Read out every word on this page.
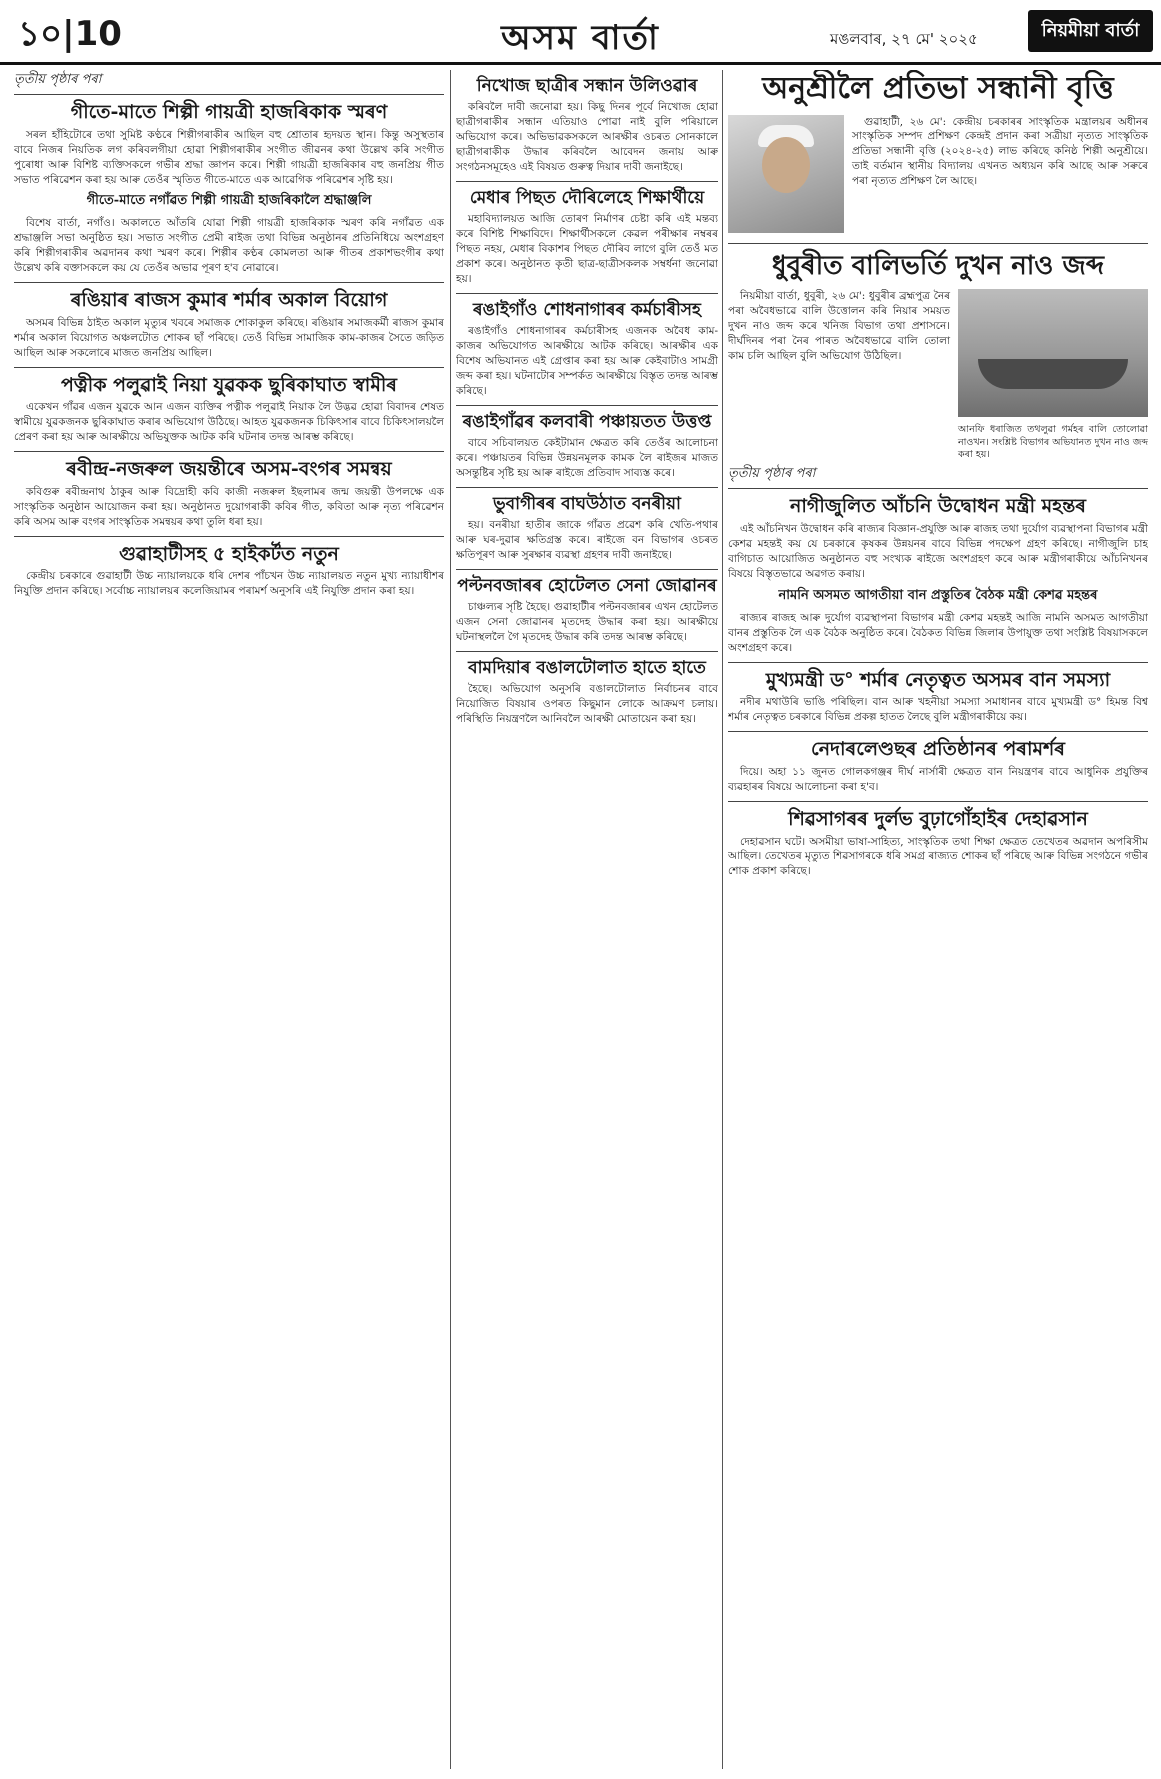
১০|10	অসম বাৰ্তা	মঙলবাৰ, ২৭ মে' ২০২৫	নিয়মীয়া বাৰ্তা
তৃতীয় পৃষ্ঠাৰ পৰা
গীতে-মাতে শিল্পী গায়ত্ৰী হাজৰিকাক স্মৰণ

সৰল হাঁহিটোৰে তথা সুমিষ্ট কণ্ঠৰে শিল্পীগৰাকীৰ আছিল বহু শ্ৰোতাৰ হৃদয়ত স্থান। কিন্তু অসুস্থতাৰ বাবে নিজৰ নিয়তিক লগ কৰিবলগীয়া হোৱা শিল্পীগৰাকীৰ সংগীত জীৱনৰ কথা উল্লেখ কৰি সংগীত পুৰোধা আৰু বিশিষ্ট ব্যক্তিসকলে গভীৰ শ্ৰদ্ধা জ্ঞাপন কৰে। শিল্পী গায়ত্ৰী হাজৰিকাৰ বহু জনপ্ৰিয় গীত সভাত পৰিৱেশন কৰা হয় আৰু তেওঁৰ স্মৃতিত গীতে-মাতে এক আৱেগিক পৰিৱেশৰ সৃষ্টি হয়।

গীতে-মাতে নগাঁৱত শিল্পী গায়ত্ৰী হাজৰিকালৈ শ্ৰদ্ধাঞ্জলি

বিশেষ বাৰ্তা, নগাঁও। অকালতে আঁতৰি যোৱা শিল্পী গায়ত্ৰী হাজৰিকাক স্মৰণ কৰি নগাঁৱত এক শ্ৰদ্ধাঞ্জলি সভা অনুষ্ঠিত হয়। সভাত সংগীত প্ৰেমী ৰাইজ তথা বিভিন্ন অনুষ্ঠানৰ প্ৰতিনিধিয়ে অংশগ্ৰহণ কৰি শিল্পীগৰাকীৰ অৱদানৰ কথা স্মৰণ কৰে। শিল্পীৰ কণ্ঠৰ কোমলতা আৰু গীতৰ প্ৰকাশভংগীৰ কথা উল্লেখ কৰি বক্তাসকলে কয় যে তেওঁৰ অভাৱ পূৰণ হ'ব নোৱাৰে।

ৰঙিয়াৰ ৰাজস কুমাৰ শৰ্মাৰ অকাল বিয়োগ

অসমৰ বিভিন্ন ঠাইত অকাল মৃত্যুৰ খবৰে সমাজক শোকাকুল কৰিছে। ৰঙিয়াৰ সমাজকৰ্মী ৰাজস কুমাৰ শৰ্মাৰ অকাল বিয়োগত অঞ্চলটোত শোকৰ ছাঁ পৰিছে। তেওঁ বিভিন্ন সামাজিক কাম-কাজৰ সৈতে জড়িত আছিল আৰু সকলোৰে মাজত জনপ্ৰিয় আছিল।

পত্নীক পলুৱাই নিয়া যুৱকক ছুৰিকাঘাত স্বামীৰ

একেখন গাঁৱৰ এজন যুৱকে আন এজন ব্যক্তিৰ পত্নীক পলুৱাই নিয়াক লৈ উদ্ভৱ হোৱা বিবাদৰ শেষত স্বামীয়ে যুৱকজনক ছুৰিকাঘাত কৰাৰ অভিযোগ উঠিছে। আহত যুৱকজনক চিকিৎসাৰ বাবে চিকিৎসালয়লৈ প্ৰেৰণ কৰা হয় আৰু আৰক্ষীয়ে অভিযুক্তক আটক কৰি ঘটনাৰ তদন্ত আৰম্ভ কৰিছে।

ৰবীন্দ্ৰ-নজৰুল জয়ন্তীৰে অসম-বংগৰ সমন্বয়

কবিগুৰু ৰবীন্দ্ৰনাথ ঠাকুৰ আৰু বিদ্ৰোহী কবি কাজী নজৰুল ইছলামৰ জন্ম জয়ন্তী উপলক্ষে এক সাংস্কৃতিক অনুষ্ঠান আয়োজন কৰা হয়। অনুষ্ঠানত দুয়োগৰাকী কবিৰ গীত, কবিতা আৰু নৃত্য পৰিৱেশন কৰি অসম আৰু বংগৰ সাংস্কৃতিক সমন্বয়ৰ কথা তুলি ধৰা হয়।

গুৱাহাটীসহ ৫ হাইকৰ্টত নতুন

কেন্দ্ৰীয় চৰকাৰে গুৱাহাটী উচ্চ ন্যায়ালয়কে ধৰি দেশৰ পাঁচখন উচ্চ ন্যায়ালয়ত নতুন মুখ্য ন্যায়াধীশৰ নিযুক্তি প্ৰদান কৰিছে। সৰ্বোচ্চ ন্যায়ালয়ৰ কলেজিয়ামৰ পৰামৰ্শ অনুসৰি এই নিযুক্তি প্ৰদান কৰা হয়।

নিখোজ ছাত্ৰীৰ সন্ধান উলিওৱাৰ

কৰিবলৈ দাবী জনোৱা হয়। কিছু দিনৰ পূৰ্বে নিখোজ হোৱা ছাত্ৰীগৰাকীৰ সন্ধান এতিয়াও পোৱা নাই বুলি পৰিয়ালে অভিযোগ কৰে। অভিভাৱকসকলে আৰক্ষীৰ ওচৰত সোনকালে ছাত্ৰীগৰাকীক উদ্ধাৰ কৰিবলৈ আবেদন জনায় আৰু সংগঠনসমূহেও এই বিষয়ত গুৰুত্ব দিয়াৰ দাবী জনাইছে।

মেধাৰ পিছত দৌৰিলেহে শিক্ষাৰ্থীয়ে

মহাবিদ্যালয়ত আজি তোৰণ নিৰ্মাণৰ চেষ্টা কৰি এই মন্তব্য কৰে বিশিষ্ট শিক্ষাবিদে। শিক্ষাৰ্থীসকলে কেৱল পৰীক্ষাৰ নম্বৰৰ পিছত নহয়, মেধাৰ বিকাশৰ পিছত দৌৰিব লাগে বুলি তেওঁ মত প্ৰকাশ কৰে। অনুষ্ঠানত কৃতী ছাত্ৰ-ছাত্ৰীসকলক সম্বৰ্ধনা জনোৱা হয়।

ৰঙাইগাঁও শোধনাগাৰৰ কৰ্মচাৰীসহ

ৰঙাইগাঁও শোধনাগাৰৰ কৰ্মচাৰীসহ এজনক অবৈধ কাম-কাজৰ অভিযোগত আৰক্ষীয়ে আটক কৰিছে। আৰক্ষীৰ এক বিশেষ অভিযানত এই গ্ৰেপ্তাৰ কৰা হয় আৰু কেইবাটাও সামগ্ৰী জব্দ কৰা হয়। ঘটনাটোৰ সম্পৰ্কত আৰক্ষীয়ে বিস্তৃত তদন্ত আৰম্ভ কৰিছে।

ৰঙাইগাঁৱৰ কলবাৰী পঞ্চায়তত উত্তপ্ত

বাবে সচিবালয়ত কেইটামান ক্ষেত্ৰত কৰি তেওঁৰ আলোচনা কৰে। পঞ্চায়তৰ বিভিন্ন উন্নয়নমূলক কামক লৈ ৰাইজৰ মাজত অসন্তুষ্টিৰ সৃষ্টি হয় আৰু ৰাইজে প্ৰতিবাদ সাব্যস্ত কৰে।

ভুবাগীৰৰ বাঘউঠাত বনৰীয়া

হয়। বনৰীয়া হাতীৰ জাকে গাঁৱত প্ৰৱেশ কৰি খেতি-পথাৰ আৰু ঘৰ-দুৱাৰ ক্ষতিগ্ৰস্ত কৰে। ৰাইজে বন বিভাগৰ ওচৰত ক্ষতিপূৰণ আৰু সুৰক্ষাৰ ব্যৱস্থা গ্ৰহণৰ দাবী জনাইছে।

পল্টনবজাৰৰ হোটেলত সেনা জোৱানৰ

চাঞ্চল্যৰ সৃষ্টি হৈছে। গুৱাহাটীৰ পল্টনবজাৰৰ এখন হোটেলত এজন সেনা জোৱানৰ মৃতদেহ উদ্ধাৰ কৰা হয়। আৰক্ষীয়ে ঘটনাস্থললৈ গৈ মৃতদেহ উদ্ধাৰ কৰি তদন্ত আৰম্ভ কৰিছে।

বামদিয়াৰ বঙালটোলাত হাতে হাতে

হৈছে। অভিযোগ অনুসৰি বঙালটোলাত নিৰ্বাচনৰ বাবে নিয়োজিত বিষয়াৰ ওপৰত কিছুমান লোকে আক্ৰমণ চলায়। পৰিস্থিতি নিয়ন্ত্ৰণলৈ আনিবলৈ আৰক্ষী মোতায়েন কৰা হয়।

অনুশ্ৰীলৈ প্ৰতিভা সন্ধানী বৃত্তি

গুৱাহাটী, ২৬ মে': কেন্দ্ৰীয় চৰকাৰৰ সাংস্কৃতিক মন্ত্ৰালয়ৰ অধীনৰ সাংস্কৃতিক সম্পদ প্ৰশিক্ষণ কেন্দ্ৰই প্ৰদান কৰা সত্ৰীয়া নৃত্যত সাংস্কৃতিক প্ৰতিভা সন্ধানী বৃত্তি (২০২৪-২৫) লাভ কৰিছে কনিষ্ঠ শিল্পী অনুশ্ৰীয়ে। তাই বৰ্তমান স্থানীয় বিদ্যালয় এখনত অধ্যয়ন কৰি আছে আৰু সৰুৰে পৰা নৃত্যত প্ৰশিক্ষণ লৈ আছে।

ধুবুৰীত বালিভৰ্তি দুখন নাও জব্দ
আনফি ধৰাজিত তথলুৱা গৰ্মহৰ বালি তোলোৱা নাওখন। সংশ্লিষ্ট বিভাগৰ অভিযানত দুখন নাও জব্দ কৰা হয়।

নিয়মীয়া বাৰ্তা, ধুবুৰী, ২৬ মে': ধুবুৰীৰ ব্ৰহ্মপুত্ৰ নৈৰ পৰা অবৈধভাৱে বালি উত্তোলন কৰি নিয়াৰ সময়ত দুখন নাও জব্দ কৰে খনিজ বিভাগ তথা প্ৰশাসনে। দীৰ্ঘদিনৰ পৰা নৈৰ পাৰত অবৈধভাৱে বালি তোলা কাম চলি আছিল বুলি অভিযোগ উঠিছিল।

তৃতীয় পৃষ্ঠাৰ পৰা
নাগীজুলিত আঁচনি উদ্বোধন মন্ত্ৰী মহন্তৰ

এই আঁচনিখন উদ্বোধন কৰি ৰাজ্যৰ বিজ্ঞান-প্ৰযুক্তি আৰু ৰাজহ তথা দুৰ্যোগ ব্যৱস্থাপনা বিভাগৰ মন্ত্ৰী কেশৱ মহন্তই কয় যে চৰকাৰে কৃষকৰ উন্নয়নৰ বাবে বিভিন্ন পদক্ষেপ গ্ৰহণ কৰিছে। নাগীজুলি চাহ বাগিচাত আয়োজিত অনুষ্ঠানত বহু সংখ্যক ৰাইজে অংশগ্ৰহণ কৰে আৰু মন্ত্ৰীগৰাকীয়ে আঁচনিখনৰ বিষয়ে বিস্তৃতভাৱে অৱগত কৰায়।

নামনি অসমত আগতীয়া বান প্ৰস্তুতিৰ বৈঠক মন্ত্ৰী কেশৱ মহন্তৰ

ৰাজ্যৰ ৰাজহ আৰু দুৰ্যোগ ব্যৱস্থাপনা বিভাগৰ মন্ত্ৰী কেশৱ মহন্তই আজি নামনি অসমত আগতীয়া বানৰ প্ৰস্তুতিক লৈ এক বৈঠক অনুষ্ঠিত কৰে। বৈঠকত বিভিন্ন জিলাৰ উপায়ুক্ত তথা সংশ্লিষ্ট বিষয়াসকলে অংশগ্ৰহণ কৰে।

মুখ্যমন্ত্ৰী ড° শৰ্মাৰ নেতৃত্বত অসমৰ বান সমস্যা

নদীৰ মথাউৰি ভাঙি পৰিছিল। বান আৰু খহনীয়া সমস্যা সমাধানৰ বাবে মুখ্যমন্ত্ৰী ড° হিমন্ত বিশ্ব শৰ্মাৰ নেতৃত্বত চৰকাৰে বিভিন্ন প্ৰকল্প হাতত লৈছে বুলি মন্ত্ৰীগৰাকীয়ে কয়।

নেদাৰলেণ্ডছৰ প্ৰতিষ্ঠানৰ পৰামৰ্শৰ

দিয়ে। অহা ১১ জুনত গোলকগঞ্জৰ দীৰ্ঘ নাৰ্সাৰী ক্ষেত্ৰত বান নিয়ন্ত্ৰণৰ বাবে আধুনিক প্ৰযুক্তিৰ ব্যৱহাৰৰ বিষয়ে আলোচনা কৰা হ'ব।

শিৱসাগৰৰ দুৰ্লভ বুঢ়াগোঁহাইৰ দেহাৱসান

দেহাৱসান ঘটে। অসমীয়া ভাষা-সাহিত্য, সাংস্কৃতিক তথা শিক্ষা ক্ষেত্ৰত তেখেতৰ অৱদান অপৰিসীম আছিল। তেখেতৰ মৃত্যুত শিৱসাগৰকে ধৰি সমগ্ৰ ৰাজ্যত শোকৰ ছাঁ পৰিছে আৰু বিভিন্ন সংগঠনে গভীৰ শোক প্ৰকাশ কৰিছে।
